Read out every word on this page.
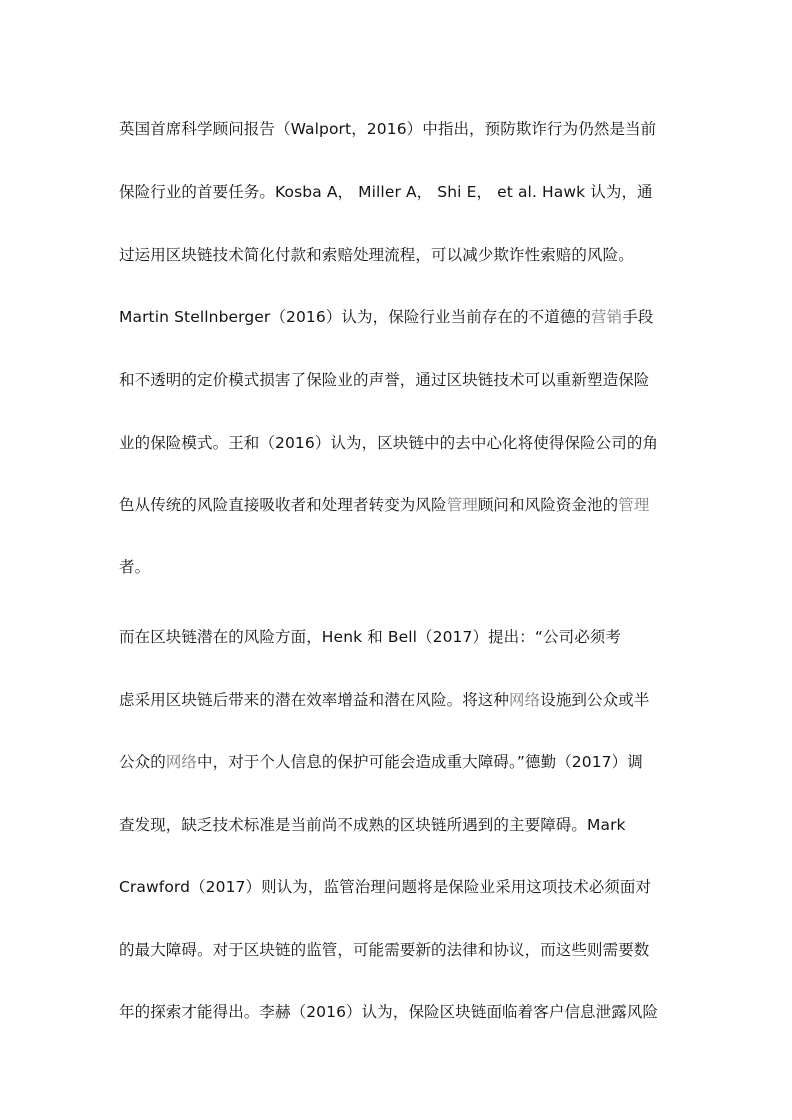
英国首席科学顾问报告（Walport，2016）中指出，预防欺诈行为仍然是当前
保险行业的首要任务。Kosba A， Miller A， Shi E， et al. Hawk 认为，通
过运用区块链技术简化付款和索赔处理流程，可以减少欺诈性索赔的风险。
Martin Stellnberger（2016）认为，保险行业当前存在的不道德的营销手段
和不透明的定价模式损害了保险业的声誉，通过区块链技术可以重新塑造保险
业的保险模式。王和（2016）认为，区块链中的去中心化将使得保险公司的角
色从传统的风险直接吸收者和处理者转变为风险管理顾问和风险资金池的管理
者。
而在区块链潜在的风险方面，Henk 和 Bell（2017）提出：“公司必须考
虑采用区块链后带来的潜在效率增益和潜在风险。将这种网络设施到公众或半
公众的网络中，对于个人信息的保护可能会造成重大障碍。”德勤（2017）调
查发现，缺乏技术标准是当前尚不成熟的区块链所遇到的主要障碍。Mark
Crawford（2017）则认为，监管治理问题将是保险业采用这项技术必须面对
的最大障碍。对于区块链的监管，可能需要新的法律和协议，而这些则需要数
年的探索才能得出。李赫（2016）认为，保险区块链面临着客户信息泄露风险
